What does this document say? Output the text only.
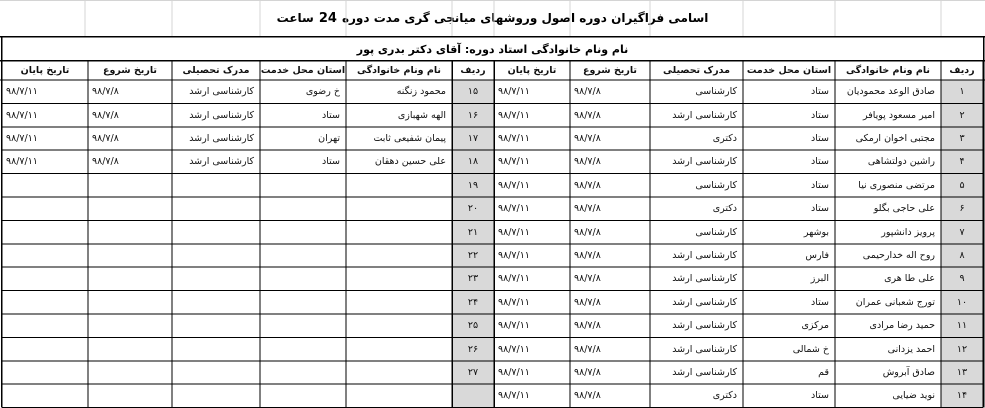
اسامی فراگیران دوره اصول وروشهای میانجی گری مدت دوره
24
ساعت
نام ونام خانوادگی استاد دوره: آقای دکتر بدری پور
ردیف
نام ونام خانوادگی
استان محل خدمت
مدرک تحصیلی
تاریخ شروع
تاریخ پایان
ردیف
نام ونام خانوادگی
استان محل خدمت
مدرک تحصیلی
تاریخ شروع
تاریخ پایان
۱
صادق الوعد محمودیان
ستاد
کارشناسی
۹۸/۷/۸
۹۸/۷/۱۱
۱۵
محمود زنگنه
خ رضوی
کارشناسی ارشد
۹۸/۷/۸
۹۸/۷/۱۱
۲
امیر مسعود پویافر
ستاد
کارشناسی ارشد
۹۸/۷/۸
۹۸/۷/۱۱
۱۶
الهه شهبازی
ستاد
کارشناسی ارشد
۹۸/۷/۸
۹۸/۷/۱۱
۳
مجتبی اخوان ارمکی
ستاد
دکتری
۹۸/۷/۸
۹۸/۷/۱۱
۱۷
پیمان شفیعی ثابت
تهران
کارشناسی ارشد
۹۸/۷/۸
۹۸/۷/۱۱
۴
راشین دولتشاهی
ستاد
کارشناسی ارشد
۹۸/۷/۸
۹۸/۷/۱۱
۱۸
علی حسین دهقان
ستاد
کارشناسی ارشد
۹۸/۷/۸
۹۸/۷/۱۱
۵
مرتضی منصوری نیا
ستاد
کارشناسی
۹۸/۷/۸
۹۸/۷/۱۱
۱۹
۶
علی حاجی بگلو
ستاد
دکتری
۹۸/۷/۸
۹۸/۷/۱۱
۲۰
۷
پرویز دانشپور
بوشهر
کارشناسی
۹۸/۷/۸
۹۸/۷/۱۱
۲۱
۸
روح اله خدارحیمی
فارس
کارشناسی ارشد
۹۸/۷/۸
۹۸/۷/۱۱
۲۲
۹
علی طا هری
البرز
کارشناسی ارشد
۹۸/۷/۸
۹۸/۷/۱۱
۲۳
۱۰
تورج شعبانی عمران
ستاد
کارشناسی ارشد
۹۸/۷/۸
۹۸/۷/۱۱
۲۴
۱۱
حمید رضا مرادی
مرکزی
کارشناسی ارشد
۹۸/۷/۸
۹۸/۷/۱۱
۲۵
۱۲
احمد یزدانی
خ شمالی
کارشناسی ارشد
۹۸/۷/۸
۹۸/۷/۱۱
۲۶
۱۳
صادق آبروش
قم
کارشناسی ارشد
۹۸/۷/۸
۹۸/۷/۱۱
۲۷
۱۴
نوید ضیایی
ستاد
دکتری
۹۸/۷/۸
۹۸/۷/۱۱
